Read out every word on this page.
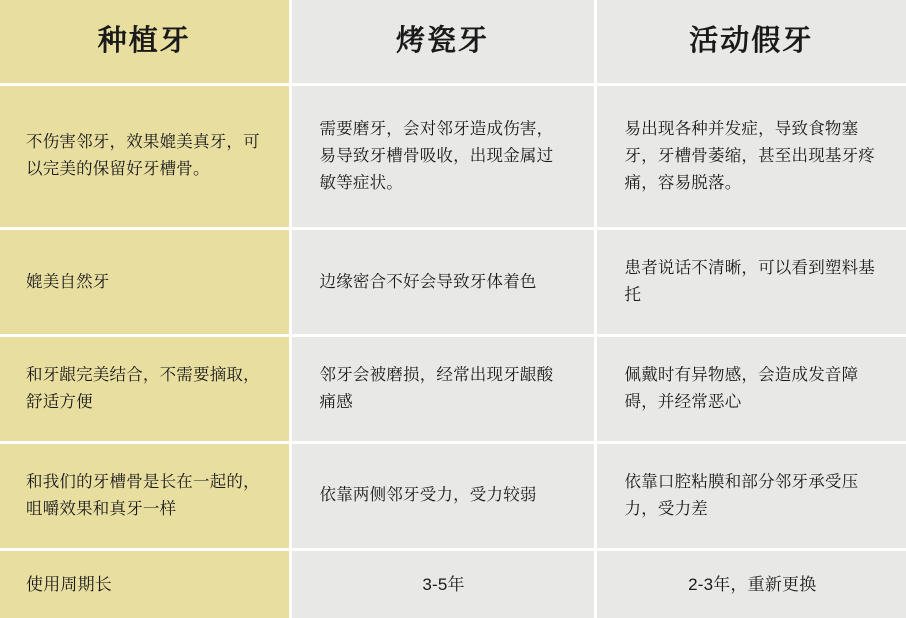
种植牙	烤瓷牙	活动假牙
不伤害邻牙，效果媲美真牙，可以完美的保留好牙槽骨。	需要磨牙，会对邻牙造成伤害，易导致牙槽骨吸收，出现金属过敏等症状。	易出现各种并发症，导致食物塞牙，牙槽骨萎缩，甚至出现基牙疼痛，容易脱落。
媲美自然牙	边缘密合不好会导致牙体着色	患者说话不清晰，可以看到塑料基托
和牙龈完美结合，不需要摘取，舒适方便	邻牙会被磨损，经常出现牙龈酸痛感	佩戴时有异物感，会造成发音障碍，并经常恶心
和我们的牙槽骨是长在一起的，咀嚼效果和真牙一样	依靠两侧邻牙受力，受力较弱	依靠口腔粘膜和部分邻牙承受压力，受力差
使用周期长	3-5年	2-3年，重新更换
